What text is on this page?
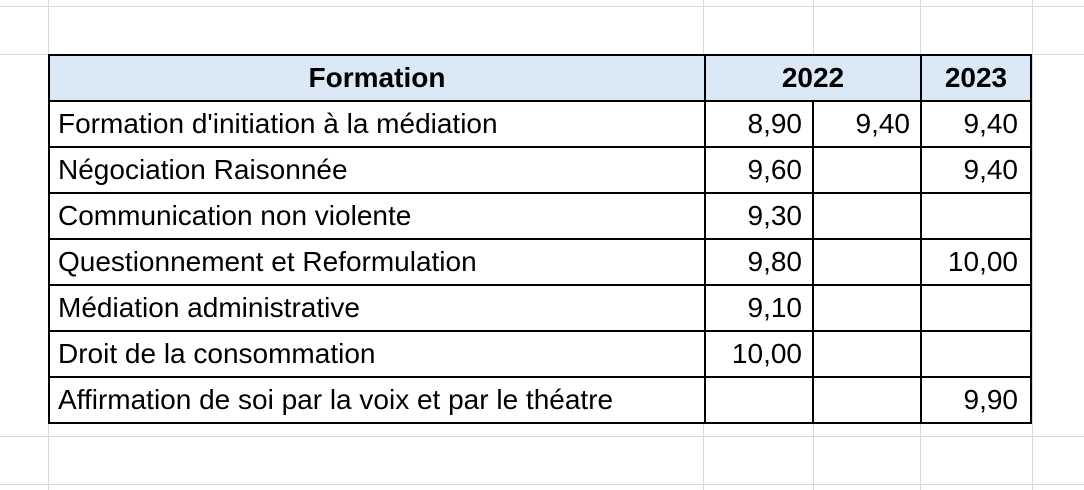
Formation	2022		2023
Formation d'initiation à la médiation	8,90	9,40	9,40
Négociation Raisonnée	9,60		9,40
Communication non violente	9,30		
Questionnement et Reformulation	9,80		10,00
Médiation administrative	9,10		
Droit de la consommation	10,00		
Affirmation de soi par la voix et par le théatre			9,90
